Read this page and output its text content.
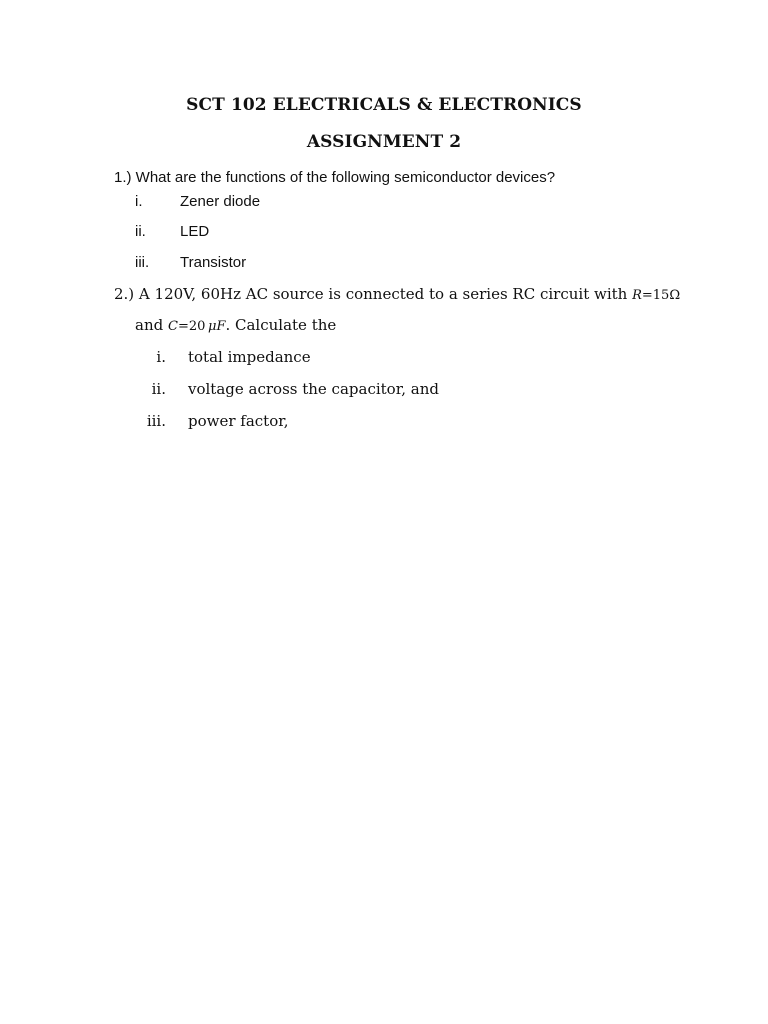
SCT 102 ELECTRICALS & ELECTRONICS
ASSIGNMENT 2
1.) What are the functions of the following semiconductor devices?
i.	Zener diode
ii. LED
iii. Transistor
2.) A 120V, 60Hz AC source is connected to a series RC circuit with R=15Ω
and C=20  μF. Calculate the
i. total impedance
ii. voltage across the capacitor, and
iii. power factor,
